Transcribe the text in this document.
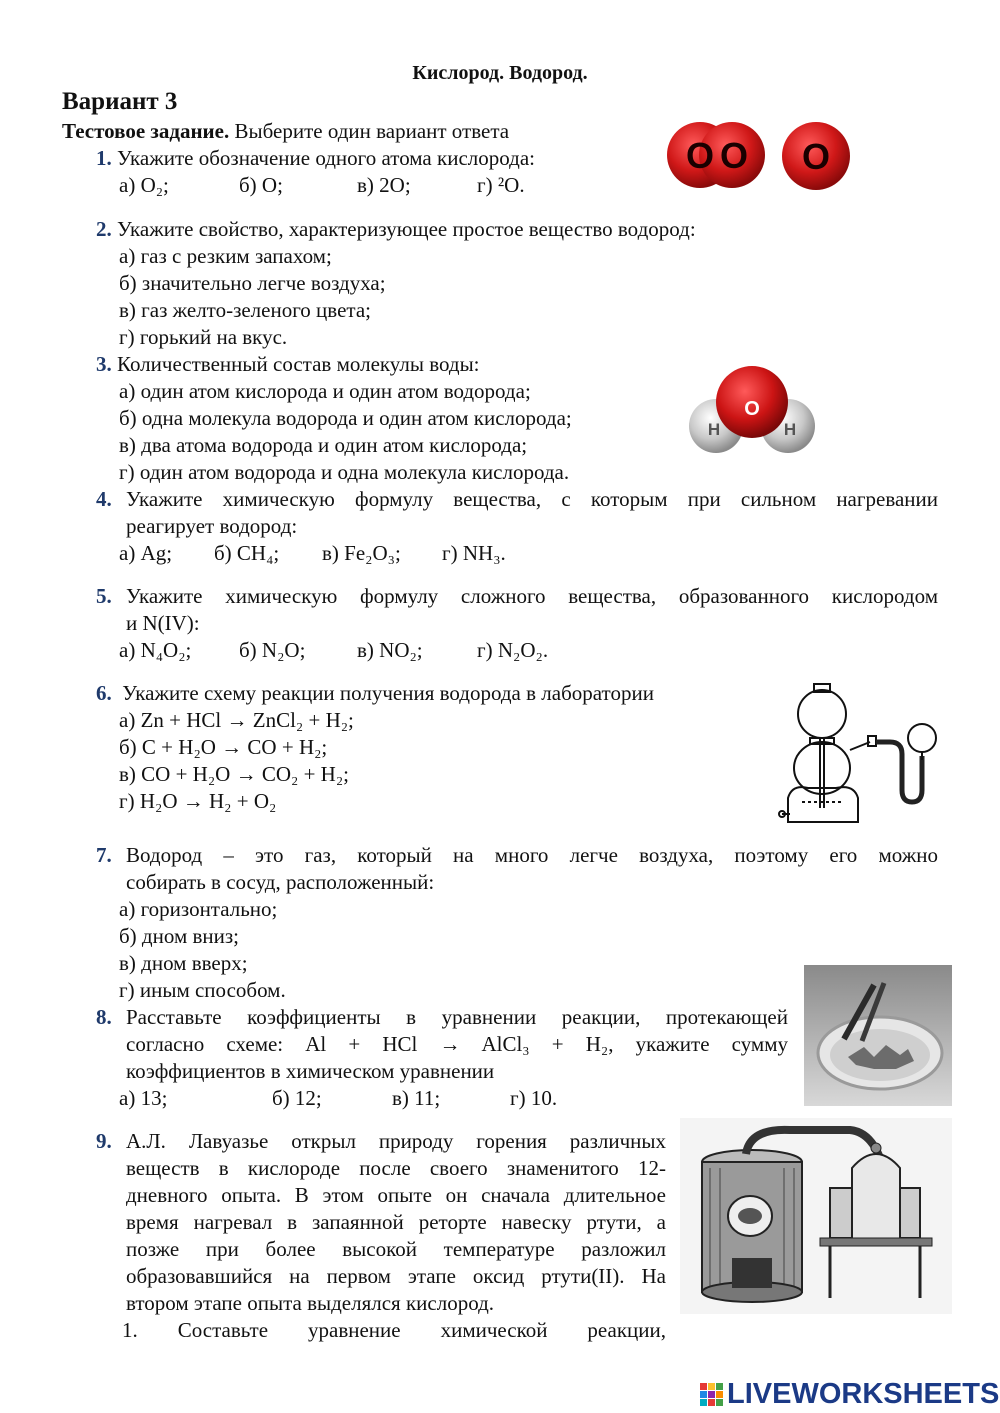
Кислород. Водород.
Вариант 3
Тестовое задание. Выберите один вариант ответа
1. Укажите обозначение одного атома кислорода:
а) O₂;	б) O;	в) 2O;	г) ²O.
O O O
2. Укажите свойство, характеризующее простое вещество водород:
а) газ с резким запахом;
б) значительно легче воздуха;
в) газ желто-зеленого цвета;
г) горький на вкус.
3. Количественный состав молекулы воды:
а) один атом кислорода и один атом водорода;
б) одна молекула водорода и один атом кислорода;
в) два атома водорода и один атом кислорода;
г) один атом водорода и одна молекула кислорода.
O
H	H
4. Укажите химическую формулу вещества, с которым при сильном нагревании
реагирует водород:
а) Ag; б) CH₄; в) Fe₂O₃; г) NH₃.
5. Укажите химическую формулу сложного вещества, образованного кислородом
и N(IV):
а) N₄O₂; б) N₂O; в) NO₂;	г) N₂O₂.
6. Укажите схему реакции получения водорода в лаборатории
а) Zn + HCl → ZnCl₂ + H₂;
б) C + H₂O → CO + H₂;
в) CO + H₂O → CO₂ + H₂;
г) H₂O → H₂ + O₂
7. Водород – это газ, который на много легче воздуха, поэтому его можно
собирать в сосуд, расположенный:
а) горизонтально;
б) дном вниз;
в) дном вверх;
г) иным способом.
8. Расставьте коэффициенты в уравнении реакции, протекающей
согласно схеме: Al + HCl → AlCl₃ + H₂, укажите сумму
коэффициентов в химическом уравнении
а) 13;	б) 12;	в) 11;	г) 10.
9. А.Л. Лавуазье открыл природу горения различных
веществ в кислороде после своего знаменитого 12-
дневного опыта. В этом опыте он сначала длительное
время нагревал в запаянной реторте навеску ртути, а
позже при более высокой температуре разложил
образовавшийся на первом этапе оксид ртути(II). На
втором этапе опыта выделялся кислород.
1. Составьте уравнение химической реакции,
LIVEWORKSHEETS
